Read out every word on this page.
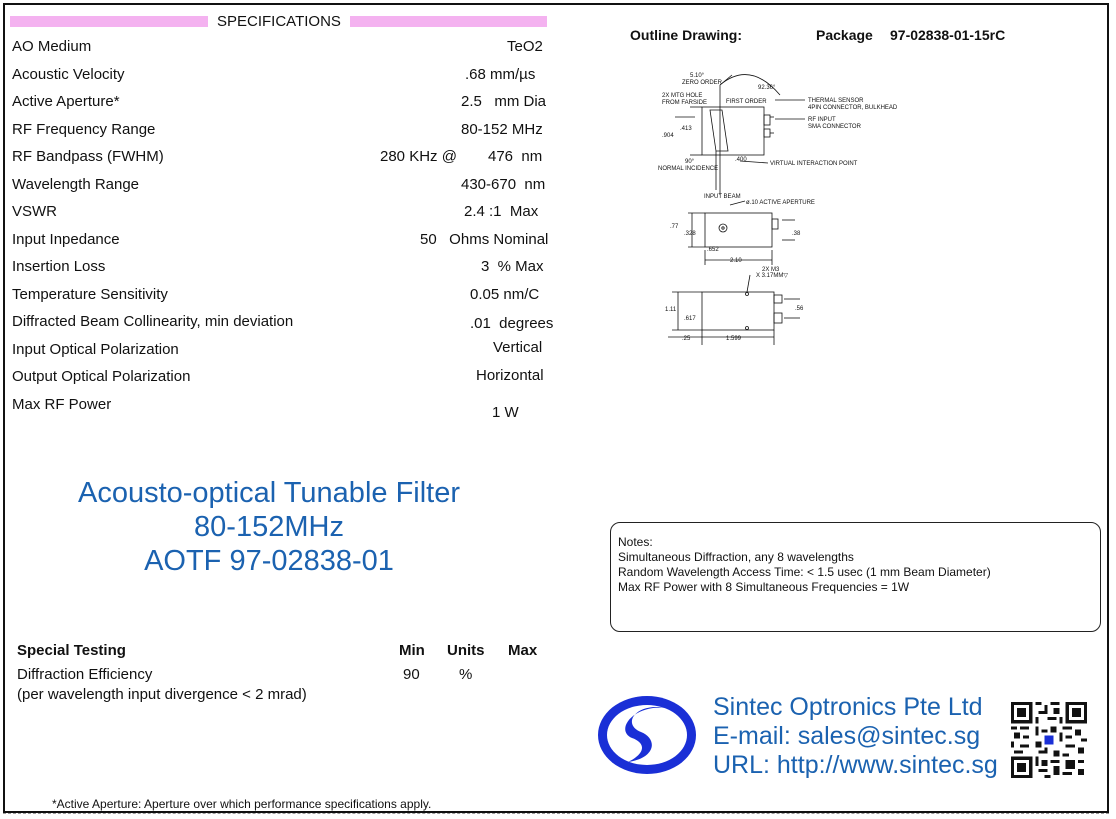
SPECIFICATIONS
AO Medium	TeO2
Acoustic Velocity	.68 mm/µs
Active Aperture*	2.5   mm Dia
RF Frequency Range	80-152 MHz
RF Bandpass (FWHM)	280 KHz @ 476  nm
Wavelength Range	430-670  nm
VSWR	2.4 :1  Max
Input Inpedance	50   Ohms Nominal
Insertion Loss	3  % Max
Temperature Sensitivity	0.05 nm/C
Diffracted Beam Collinearity, min deviation	.01  degrees
Input Optical Polarization	Vertical
Output Optical Polarization	Horizontal
Max RF Power	1 W
Acousto-optical Tunable Filter
80-152MHz
AOTF 97-02838-01
Special Testing	Min Units Max
Diffraction Efficiency	90	%
(per wavelength input divergence < 2 mrad)
*Active Aperture: Aperture over which performance specifications apply.
Outline Drawing:	Package 97-02838-01-15rC
5.10° ZERO ORDER
92.36°
2X MTG HOLE FROM FARSIDE	FIRST ORDER	THERMAL SENSOR 4PIN CONNECTOR, BULKHEAD
RF INPUT SMA CONNECTOR
.413
.904
.400
90° NORMAL INCIDENCE
VIRTUAL INTERACTION POINT
INPUT BEAM
ø.10 ACTIVE APERTURE
.77
.328	.38
.652
2.10
2X M3 X 3.17MM▽
1.11
.617
.56
.25	1.599
Notes:
Simultaneous Diffraction, any 8 wavelengths
Random Wavelength Access Time: < 1.5 usec (1 mm Beam Diameter)
Max RF Power with 8 Simultaneous Frequencies = 1W
Sintec Optronics Pte Ltd
E-mail: sales@sintec.sg
URL: http://www.sintec.sg
